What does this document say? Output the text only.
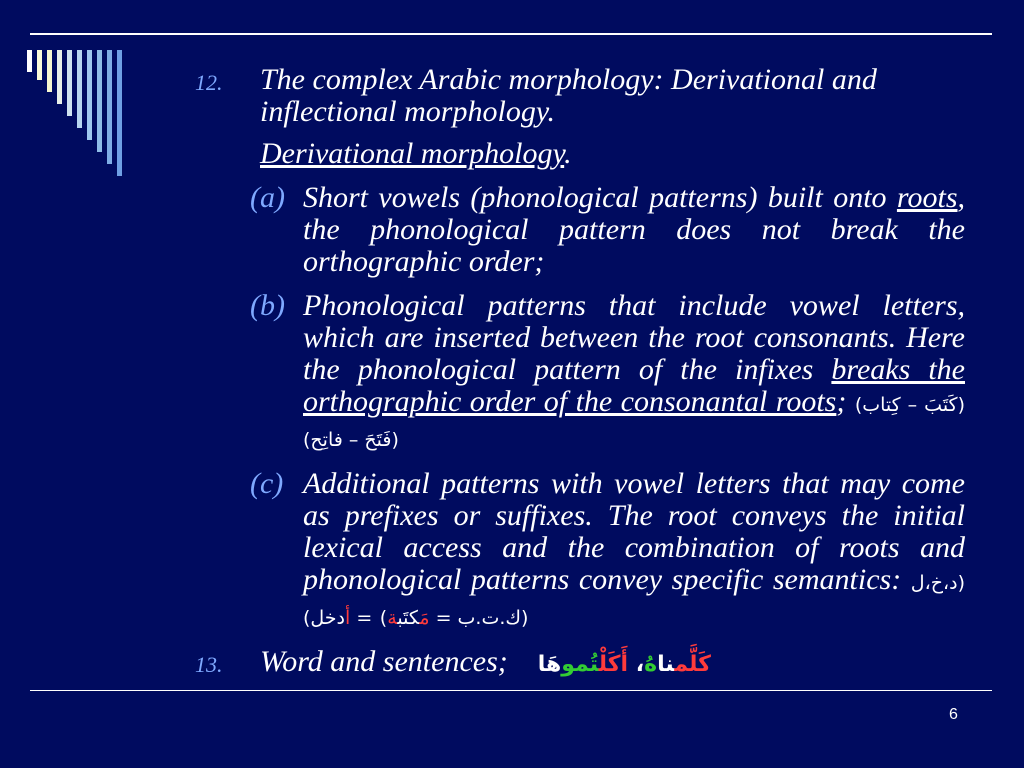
12.	The complex Arabic morphology: Derivational and inflectional morphology.
Derivational morphology.
(a) Short vowels (phonological patterns) built onto roots, the phonological pattern does not break the orthographic order;
(b) Phonological patterns that include vowel letters, which are inserted between the root consonants. Here the phonological pattern of the infixes breaks the orthographic order of the consonantal roots; (كَتَبَ – كِتاب) (فَتَحَ – فاتِح)
(c) Additional patterns with vowel letters that may come as prefixes or suffixes. The root conveys the initial lexical access and the combination of roots and phonological patterns convey specific semantics: (د،خ،ل = أدخل)	(ك.ت.ب = مَكتَبة)
13.	Word and sentences;	كَلَّمناهُ، أَكَلْتُموهَا
6
